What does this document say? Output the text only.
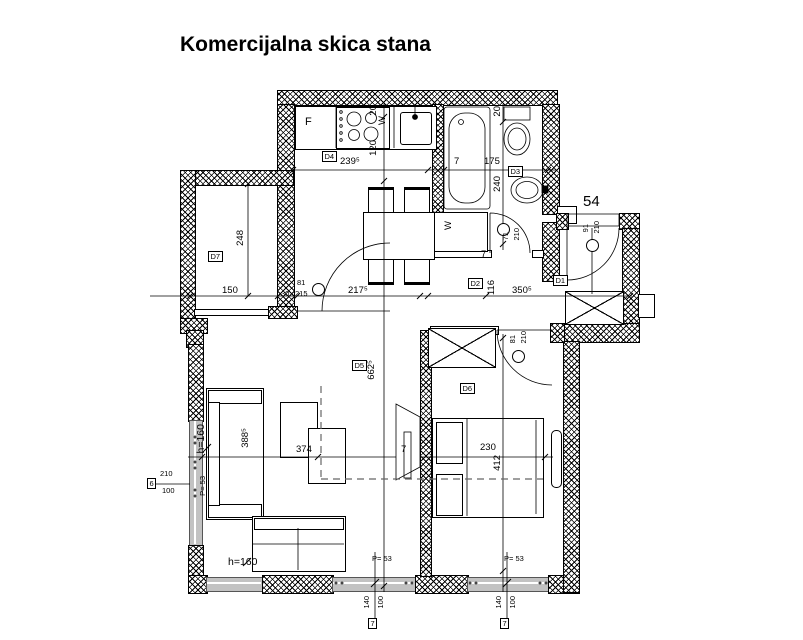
Komercijalna skica stana
54
F	W
W
D7
D4
D3
D2	D1
D5
D6
20
120
239⁵	7	175
20
240
71 210
7
91 210
150
81
30 215	217⁵	116 350⁵
248
662⁵
388⁵
374	7	230
412
81 210
h=160
h=160
210
100
6	P= 53
P= 53
140 100
7
P= 53
140 100
7
